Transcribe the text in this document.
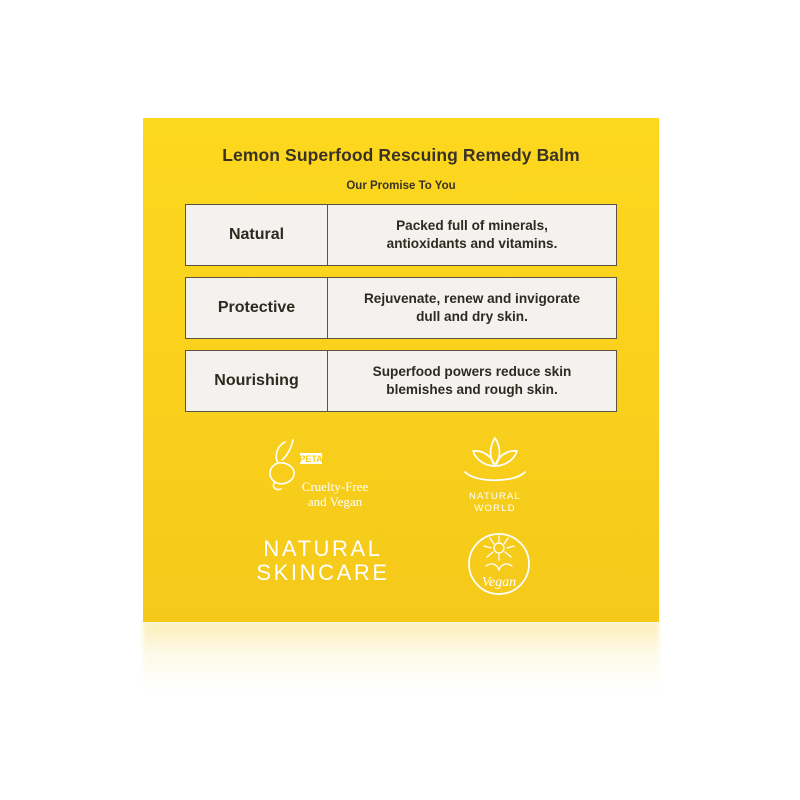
Lemon Superfood Rescuing Remedy Balm
Our Promise To You
Natural
Packed full of minerals,
antioxidants and vitamins.
Protective
Rejuvenate, renew and invigorate
dull and dry skin.
Nourishing
Superfood powers reduce skin
blemishes and rough skin.
PETA
Cruelty-Free
and Vegan	NATURAL
WORLD
NATURAL
SKINCARE	Vegan
